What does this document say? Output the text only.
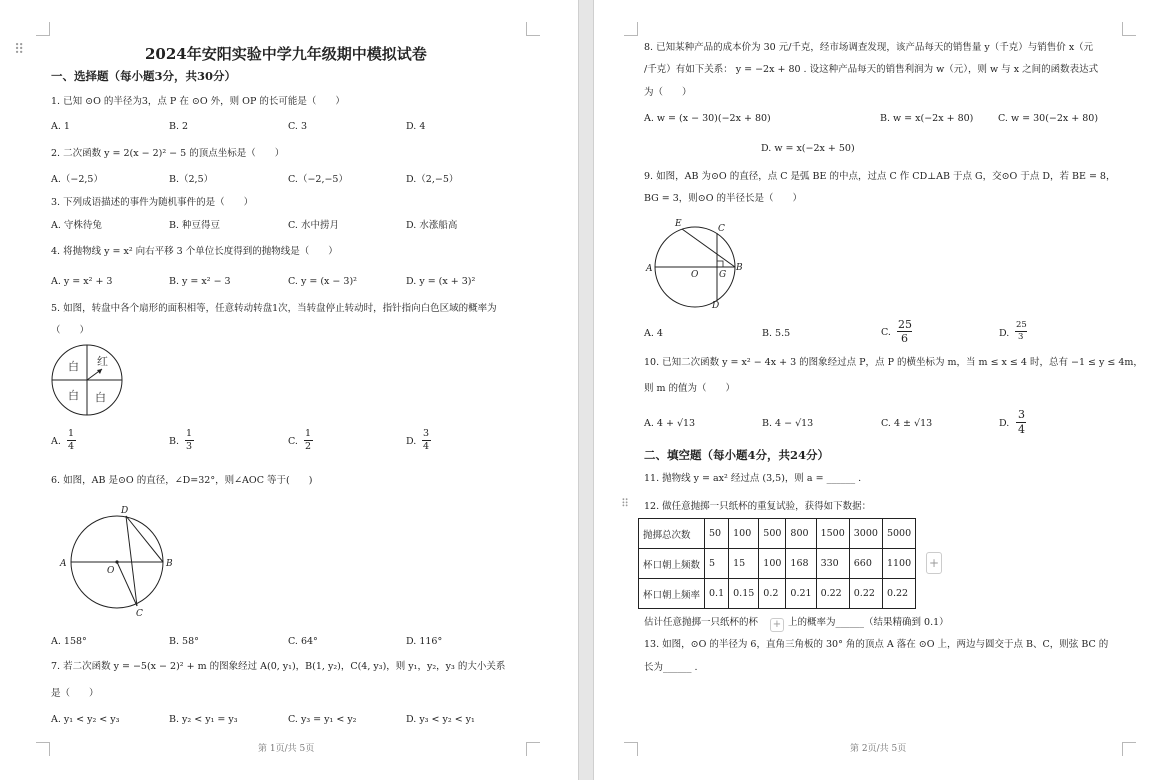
⠿	2024年安阳实验中学九年级期中模拟试卷
一、选择题（每小题3分，共30分）
1. 已知 ⊙O 的半径为3，点 P 在 ⊙O 外，则 OP 的长可能是（　　）
A. 1	B. 2	C. 3	D. 4
2. 二次函数 y = 2(x − 2)² − 5 的顶点坐标是（　　）
A.（−2,5）	B.（2,5）	C.（−2,−5）	D.（2,−5）
3. 下列成语描述的事件为随机事件的是（　　）
A. 守株待兔	B. 种豆得豆	C. 水中捞月	D. 水涨船高
4. 将抛物线 y = x² 向右平移 3 个单位长度得到的抛物线是（　　）
A. y = x² + 3	B. y = x² − 3	C. y = (x − 3)²	D. y = (x + 3)²
5. 如图，转盘中各个扇形的面积相等，任意转动转盘1次，当转盘停止转动时，指针指向白色区域的概率为
（　　）
白 红
白 白
A.
1
4	B.
1
3	C.
1
2	D.
3
4
6. 如图，AB 是⊙O 的直径，∠D=32°，则∠AOC 等于(　　)
A	B
C
D
O
A. 158°	B. 58°	C. 64°	D. 116°
7. 若二次函数 y = −5(x − 2)² + m 的图象经过 A(0, y₁)，B(1, y₂)，C(4, y₃)，则 y₁，y₂，y₃ 的大小关系
是（　　）
A. y₁ < y₂ < y₃	B. y₂ < y₁ = y₃	C. y₃ = y₁ < y₂	D. y₃ < y₂ < y₁
第 1页/共 5页
8. 已知某种产品的成本价为 30 元/千克，经市场调查发现，该产品每天的销售量 y（千克）与销售价 x（元
/千克）有如下关系： y = −2x + 80 . 设这种产品每天的销售利润为 w（元），则 w 与 x 之间的函数表达式
为（　　）
A. w = (x − 30)(−2x + 80)	B. w = x(−2x + 80)	C. w = 30(−2x + 80)
D. w = x(−2x + 50)
9. 如图，AB 为⊙O 的直径，点 C 是弧 BE 的中点，过点 C 作 CD⊥AB 于点 G，交⊙O 于点 D，若 BE = 8，
BG = 3，则⊙O 的半径长是（　　）
A	B
C
D
E
G
O
A. 4	B. 5.5	C.
25
6	D.
25
3
10. 已知二次函数 y = x² − 4x + 3 的图象经过点 P，点 P 的横坐标为 m，当 m ≤ x ≤ 4 时，总有 −1 ≤ y ≤ 4m，
则 m 的值为（　　）
A. 4 + √13	B. 4 − √13	C. 4 ± √13	D.
3
4
二、填空题（每小题4分，共24分）
11. 抛物线 y = ax² 经过点 (3,5)，则 a = ______ .
⠿ 12. 做任意抛掷一只纸杯的重复试验，获得如下数据：
抛掷总次数	50	100	500	800	1500	3000	5000
杯口朝上频数	5	15	100	168	330	660	1100
杯口朝上频率	0.1	0.15	0.2	0.21	0.22	0.22	0.22
+
估计任意抛掷一只纸杯的杯 + 上的概率为______（结果精确到 0.1）
13. 如图，⊙O 的半径为 6，直角三角板的 30° 角的顶点 A 落在 ⊙O 上，两边与圆交于点 B、C，则弦 BC 的
长为______ .
第 2页/共 5页
